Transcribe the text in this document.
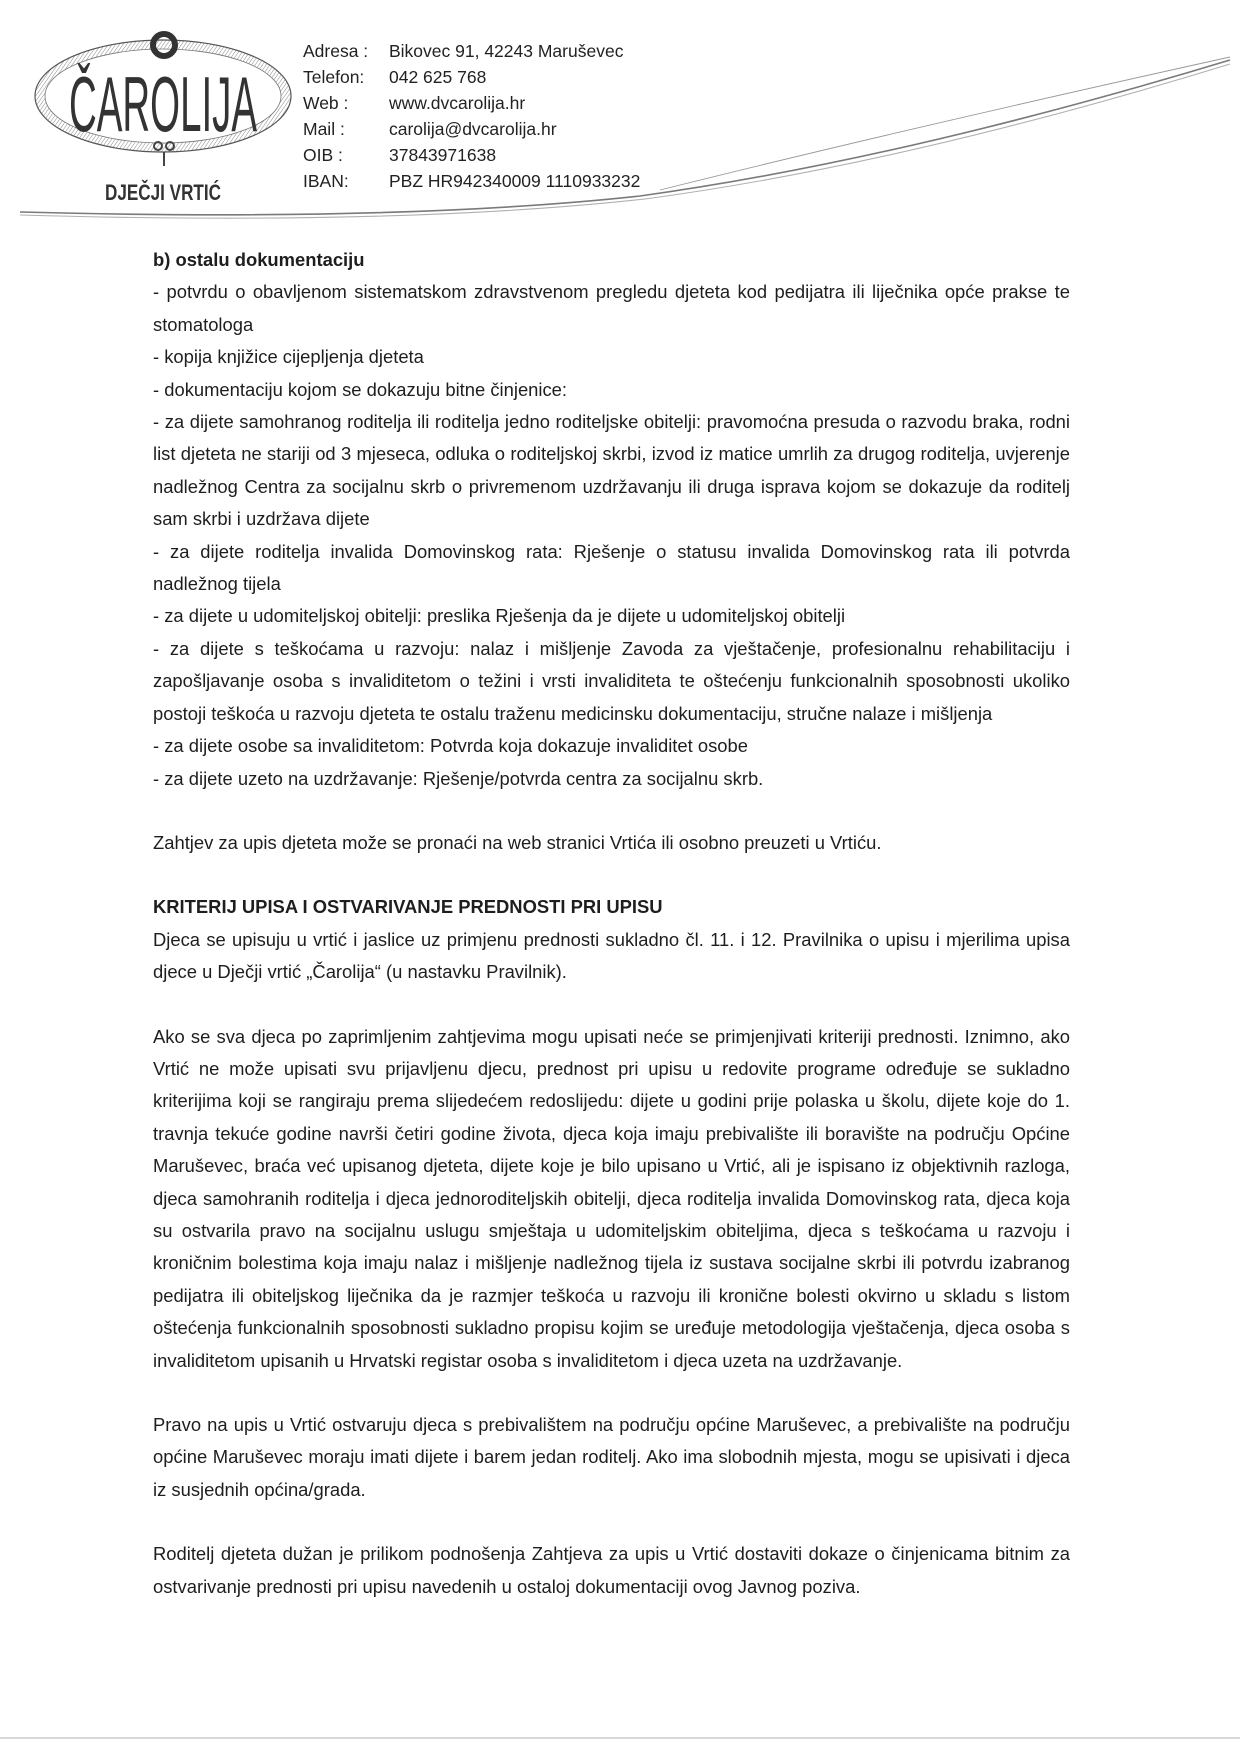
ČAROLIJA
DJEČJI VRTIĆ
Adresa :	Bikovec 91, 42243 Maruševec
Telefon:	042 625 768
Web :	www.dvcarolija.hr
Mail :	carolija@dvcarolija.hr
OIB :	37843971638
IBAN:	PBZ HR942340009 1110933232

b) ostalu dokumentaciju

- potvrdu o obavljenom sistematskom zdravstvenom pregledu djeteta kod pedijatra ili liječnika opće prakse te stomatologa

- kopija knjižice cijepljenja djeteta

- dokumentaciju kojom se dokazuju bitne činjenice:

- za dijete samohranog roditelja ili roditelja jedno roditeljske obitelji: pravomoćna presuda o razvodu braka, rodni list djeteta ne stariji od 3 mjeseca, odluka o roditeljskoj skrbi, izvod iz matice umrlih za drugog roditelja, uvjerenje nadležnog Centra za socijalnu skrb o privremenom uzdržavanju ili druga isprava kojom se dokazuje da roditelj sam skrbi i uzdržava dijete

- za dijete roditelja invalida Domovinskog rata: Rješenje o statusu invalida Domovinskog rata ili potvrda nadležnog tijela

- za dijete u udomiteljskoj obitelji: preslika Rješenja da je dijete u udomiteljskoj obitelji

- za dijete s teškoćama u razvoju: nalaz i mišljenje Zavoda za vještačenje, profesionalnu rehabilitaciju i zapošljavanje osoba s invaliditetom o težini i vrsti invaliditeta te oštećenju funkcionalnih sposobnosti ukoliko postoji teškoća u razvoju djeteta te ostalu traženu medicinsku dokumentaciju, stručne nalaze i mišljenja

- za dijete osobe sa invaliditetom: Potvrda koja dokazuje invaliditet osobe

- za dijete uzeto na uzdržavanje: Rješenje/potvrda centra za socijalnu skrb.

Zahtjev za upis djeteta može se pronaći na web stranici Vrtića ili osobno preuzeti u Vrtiću.

KRITERIJ UPISA I OSTVARIVANJE PREDNOSTI PRI UPISU

Djeca se upisuju u vrtić i jaslice uz primjenu prednosti sukladno čl. 11. i 12. Pravilnika o upisu i mjerilima upisa djece u Dječji vrtić „Čarolija“ (u nastavku Pravilnik).

Ako se sva djeca po zaprimljenim zahtjevima mogu upisati neće se primjenjivati kriteriji prednosti. Iznimno, ako Vrtić ne može upisati svu prijavljenu djecu, prednost pri upisu u redovite programe određuje se sukladno kriterijima koji se rangiraju prema slijedećem redoslijedu: dijete u godini prije polaska u školu, dijete koje do 1. travnja tekuće godine navrši četiri godine života, djeca koja imaju prebivalište ili boravište na području Općine Maruševec, braća već upisanog djeteta, dijete koje je bilo upisano u Vrtić, ali je ispisano iz objektivnih razloga, djeca samohranih roditelja i djeca jednoroditeljskih obitelji, djeca roditelja invalida Domovinskog rata, djeca koja su ostvarila pravo na socijalnu uslugu smještaja u udomiteljskim obiteljima, djeca s teškoćama u razvoju i kroničnim bolestima koja imaju nalaz i mišljenje nadležnog tijela iz sustava socijalne skrbi ili potvrdu izabranog pedijatra ili obiteljskog liječnika da je razmjer teškoća u razvoju ili kronične bolesti okvirno u skladu s listom oštećenja funkcionalnih sposobnosti sukladno propisu kojim se uređuje metodologija vještačenja, djeca osoba s invaliditetom upisanih u Hrvatski registar osoba s invaliditetom i djeca uzeta na uzdržavanje.

Pravo na upis u Vrtić ostvaruju djeca s prebivalištem na području općine Maruševec, a prebivalište na području općine Maruševec moraju imati dijete i barem jedan roditelj. Ako ima slobodnih mjesta, mogu se upisivati i djeca iz susjednih općina/grada.

Roditelj djeteta dužan je prilikom podnošenja Zahtjeva za upis u Vrtić dostaviti dokaze o činjenicama bitnim za ostvarivanje prednosti pri upisu navedenih u ostaloj dokumentaciji ovog Javnog poziva.
